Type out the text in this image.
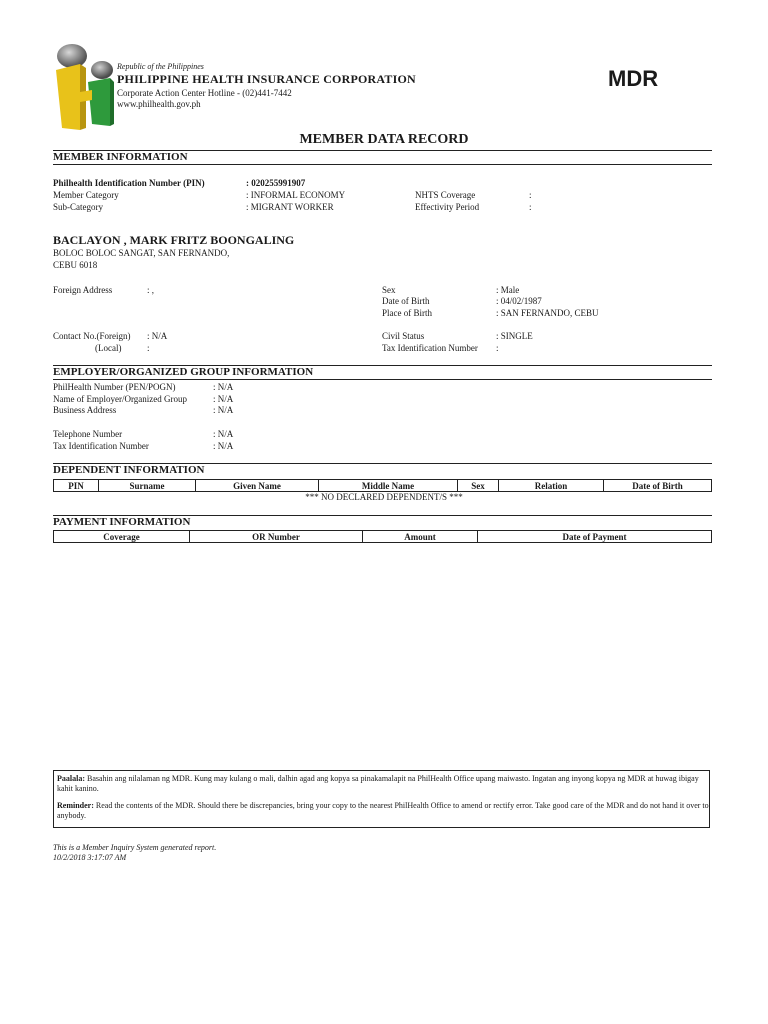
Republic of the Philippines
PHILIPPINE HEALTH INSURANCE CORPORATION
Corporate Action Center Hotline - (02)441-7442
www.philhealth.gov.ph
MDR
MEMBER DATA RECORD
MEMBER INFORMATION
Philhealth Identification Number (PIN)	: 020255991907
Member Category	: INFORMAL ECONOMY
Sub-Category	: MIGRANT WORKER
NHTS Coverage	:
Effectivity Period	:
BACLAYON , MARK FRITZ BOONGALING
BOLOC BOLOC SANGAT, SAN FERNANDO,
CEBU 6018
Foreign Address	: ,	Sex	: Male
Date of Birth	: 04/02/1987
Place of Birth	: SAN FERNANDO, CEBU
Contact No.(Foreign) : N/A
(Local)	:
Civil Status	: SINGLE
Tax Identification Number :
EMPLOYER/ORGANIZED GROUP INFORMATION
PhilHealth Number (PEN/POGN)	: N/A
Name of Employer/Organized Group	: N/A
Business Address	: N/A
Telephone Number	: N/A
Tax Identification Number	: N/A
DEPENDENT INFORMATION
PIN	Surname	Given Name	Middle Name	Sex	Relation	Date of Birth
*** NO DECLARED DEPENDENT/S ***
PAYMENT INFORMATION
Coverage	OR Number	Amount	Date of Payment
Paalala: Basahin ang nilalaman ng MDR. Kung may kulang o mali, dalhin agad ang kopya sa pinakamalapit na PhilHealth Office upang maiwasto. Ingatan ang inyong kopya ng MDR at huwag ibigay kahit kanino.
Reminder: Read the contents of the MDR. Should there be discrepancies, bring your copy to the nearest PhilHealth Office to amend or rectify error. Take good care of the MDR and do not hand it over to anybody.
This is a Member Inquiry System generated report.
10/2/2018 3:17:07 AM
